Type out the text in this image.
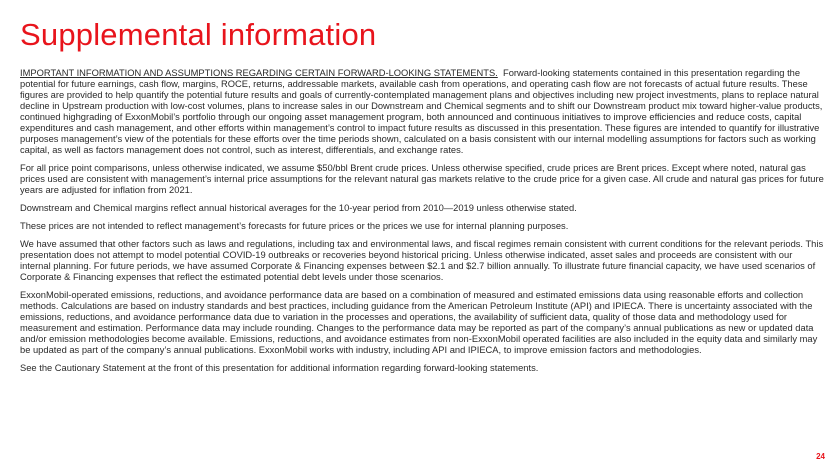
Supplemental information

IMPORTANT INFORMATION AND ASSUMPTIONS REGARDING CERTAIN FORWARD-LOOKING STATEMENTS. Forward-looking statements contained in this presentation regarding the potential for future earnings, cash flow, margins, ROCE, returns, addressable markets, available cash from operations, and operating cash flow are not forecasts of actual future results. These figures are provided to help quantify the potential future results and goals of currently-contemplated management plans and objectives including new project investments, plans to replace natural decline in Upstream production with low-cost volumes, plans to increase sales in our Downstream and Chemical segments and to shift our Downstream product mix toward higher-value products, continued highgrading of ExxonMobil’s portfolio through our ongoing asset management program, both announced and continuous initiatives to improve efficiencies and reduce costs, capital expenditures and cash management, and other efforts within management’s control to impact future results as discussed in this presentation. These figures are intended to quantify for illustrative purposes management’s view of the potentials for these efforts over the time periods shown, calculated on a basis consistent with our internal modelling assumptions for factors such as working capital, as well as factors management does not control, such as interest, differentials, and exchange rates.

For all price point comparisons, unless otherwise indicated, we assume $50/bbl Brent crude prices. Unless otherwise specified, crude prices are Brent prices. Except where noted, natural gas prices used are consistent with management’s internal price assumptions for the relevant natural gas markets relative to the crude price for a given case. All crude and natural gas prices for future years are adjusted for inflation from 2021.

Downstream and Chemical margins reflect annual historical averages for the 10-year period from 2010—2019 unless otherwise stated.

These prices are not intended to reflect management’s forecasts for future prices or the prices we use for internal planning purposes.

We have assumed that other factors such as laws and regulations, including tax and environmental laws, and fiscal regimes remain consistent with current conditions for the relevant periods. This presentation does not attempt to model potential COVID-19 outbreaks or recoveries beyond historical pricing. Unless otherwise indicated, asset sales and proceeds are consistent with our internal planning. For future periods, we have assumed Corporate & Financing expenses between $2.1 and $2.7 billion annually. To illustrate future financial capacity, we have used scenarios of Corporate & Financing expenses that reflect the estimated potential debt levels under those scenarios.

ExxonMobil-operated emissions, reductions, and avoidance performance data are based on a combination of measured and estimated emissions data using reasonable efforts and collection methods. Calculations are based on industry standards and best practices, including guidance from the American Petroleum Institute (API) and IPIECA. There is uncertainty associated with the emissions, reductions, and avoidance performance data due to variation in the processes and operations, the availability of sufficient data, quality of those data and methodology used for measurement and estimation. Performance data may include rounding. Changes to the performance data may be reported as part of the company’s annual publications as new or updated data and/or emission methodologies become available. Emissions, reductions, and avoidance estimates from non-ExxonMobil operated facilities are also included in the equity data and similarly may be updated as part of the company’s annual publications. ExxonMobil works with industry, including API and IPIECA, to improve emission factors and methodologies.

See the Cautionary Statement at the front of this presentation for additional information regarding forward-looking statements.

24
